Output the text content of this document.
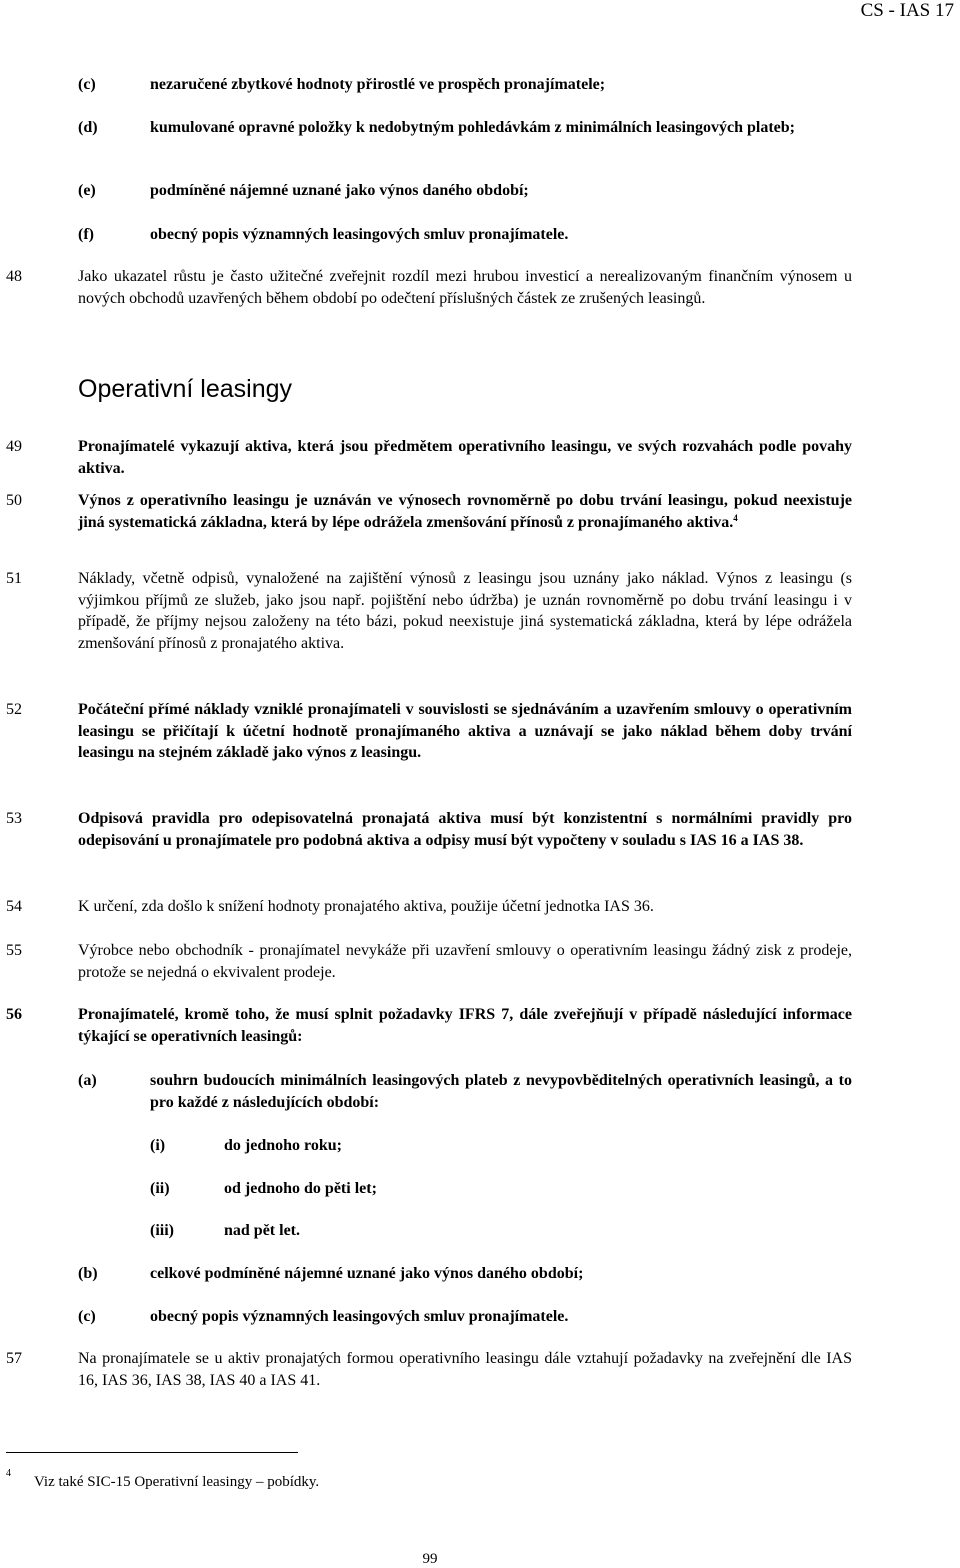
CS - IAS 17
(c)	nezaručené zbytkové hodnoty přirostlé ve prospěch pronajímatele;
(d)	kumulované opravné položky k nedobytným pohledávkám z minimálních leasingových plateb;
(e)	podmíněné nájemné uznané jako výnos daného období;
(f)	obecný popis významných leasingových smluv pronajímatele.
48	Jako ukazatel růstu je často užitečné zveřejnit rozdíl mezi hrubou investicí a nerealizovaným finančním výnosem u nových obchodů uzavřených během období po odečtení příslušných částek ze zrušených leasingů.
Operativní leasingy
49	Pronajímatelé vykazují aktiva, která jsou předmětem operativního leasingu, ve svých rozvahách podle povahy aktiva.
50	Výnos z operativního leasingu je uznáván ve výnosech rovnoměrně po dobu trvání leasingu, pokud neexistuje jiná systematická základna, která by lépe odrážela zmenšování přínosů z pronajímaného aktiva.$^4$
51	Náklady, včetně odpisů, vynaložené na zajištění výnosů z leasingu jsou uznány jako náklad. Výnos z leasingu (s výjimkou příjmů ze služeb, jako jsou např. pojištění nebo údržba) je uznán rovnoměrně po dobu trvání leasingu i v případě, že příjmy nejsou založeny na této bázi, pokud neexistuje jiná systematická základna, která by lépe odrážela zmenšování přínosů z pronajatého aktiva.
52	Počáteční přímé náklady vzniklé pronajímateli v souvislosti se sjednáváním a uzavřením smlouvy o operativním leasingu se přičítají k účetní hodnotě pronajímaného aktiva a uznávají se jako náklad během doby trvání leasingu na stejném základě jako výnos z leasingu.
53	Odpisová pravidla pro odepisovatelná pronajatá aktiva musí být konzistentní s normálními pravidly pro odepisování u pronajímatele pro podobná aktiva a odpisy musí být vypočteny v souladu s IAS 16 a IAS 38.
54	K určení, zda došlo k snížení hodnoty pronajatého aktiva, použije účetní jednotka IAS 36.
55	Výrobce nebo obchodník - pronajímatel nevykáže při uzavření smlouvy o operativním leasingu žádný zisk z prodeje, protože se nejedná o ekvivalent prodeje.
56	Pronajímatelé, kromě toho, že musí splnit požadavky IFRS 7, dále zveřejňují v případě následující informace týkající se operativních leasingů:
(a)	souhrn budoucích minimálních leasingových plateb z nevypovběditelných operativních leasingů, a to pro každé z následujících období:
(i)	do jednoho roku;
(ii)	od jednoho do pěti let;
(iii)	nad pět let.
(b)	celkové podmíněné nájemné uznané jako výnos daného období;
(c)	obecný popis významných leasingových smluv pronajímatele.
57	Na pronajímatele se u aktiv pronajatých formou operativního leasingu dále vztahují požadavky na zveřejnění dle IAS 16, IAS 36, IAS 38, IAS 40 a IAS 41.
4
Viz také SIC-15 Operativní leasingy – pobídky.
99
